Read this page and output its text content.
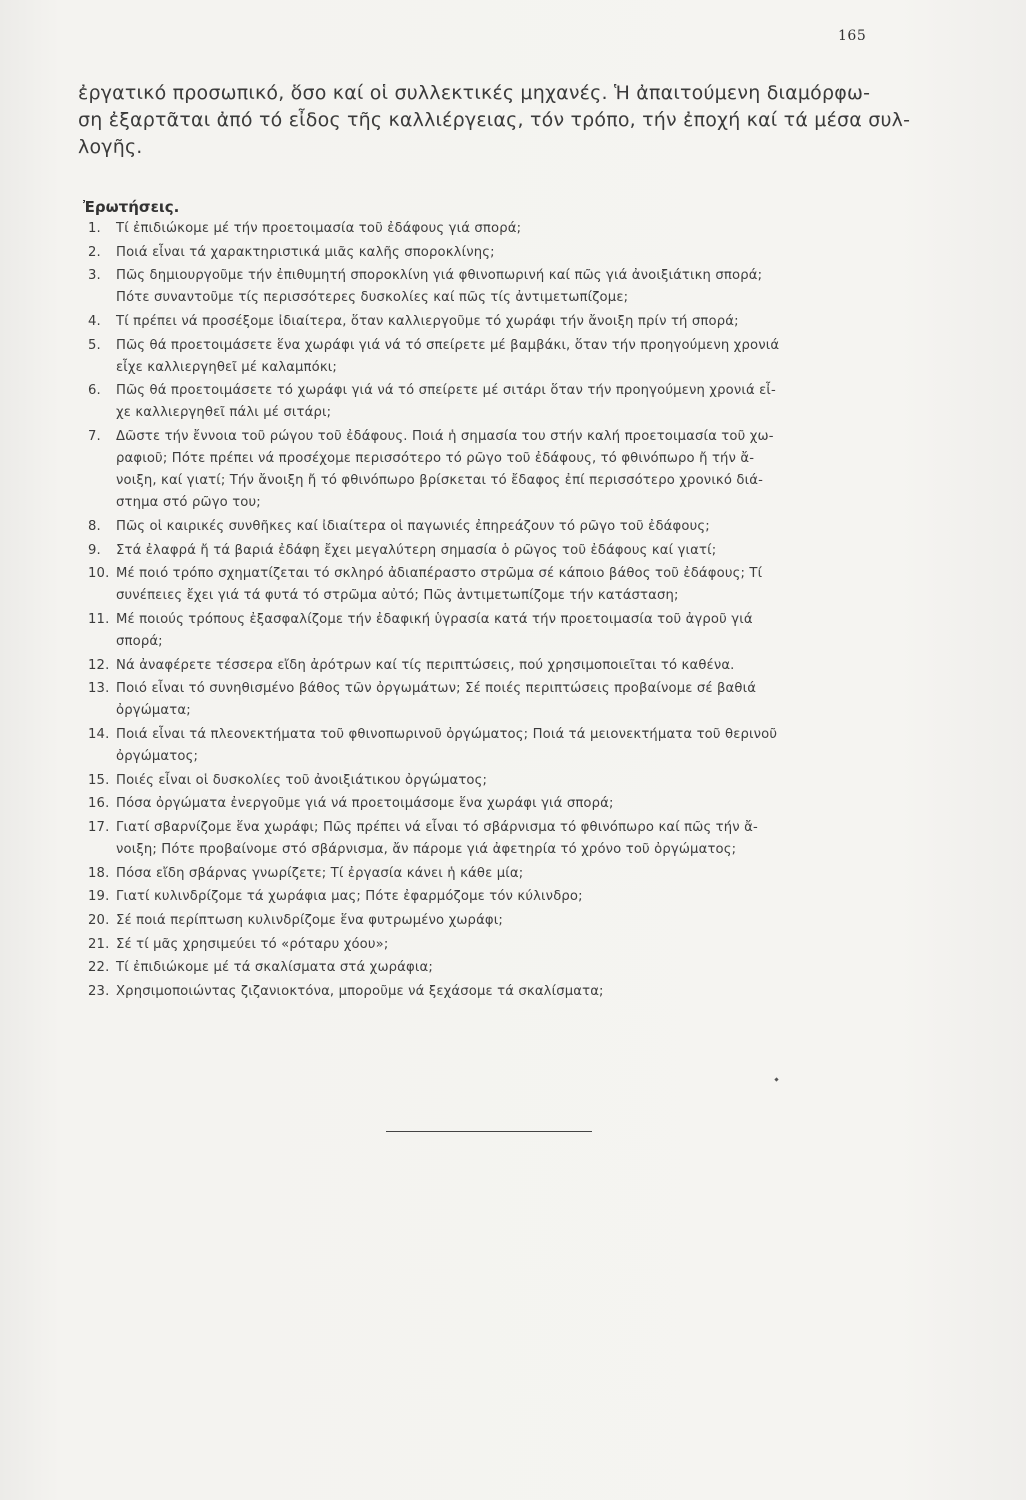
165
ἐργατικό προσωπικό, ὅσο καί οἱ συλλεκτικές μηχανές. Ἡ ἀπαιτούμενη διαμόρφω-
ση ἐξαρτᾶται ἀπό τό εἶδος τῆς καλλιέργειας, τόν τρόπο, τήν ἐποχή καί τά μέσα συλ-
λογῆς.
Ἐρωτήσεις.
1.	Τί ἐπιδιώκομε μέ τήν προετοιμασία τοῦ ἐδάφους γιά σπορά;
2.	Ποιά εἶναι τά χαρακτηριστικά μιᾶς καλῆς σποροκλίνης;
3.	Πῶς δημιουργοῦμε τήν ἐπιθυμητή σποροκλίνη γιά φθινοπωρινή καί πῶς γιά ἀνοιξιάτικη σπορά;
Πότε συναντοῦμε τίς περισσότερες δυσκολίες καί πῶς τίς ἀντιμετωπίζομε;
4.	Τί πρέπει νά προσέξομε ἰδιαίτερα, ὅταν καλλιεργοῦμε τό χωράφι τήν ἄνοιξη πρίν τή σπορά;
5.	Πῶς θά προετοιμάσετε ἕνα χωράφι γιά νά τό σπείρετε μέ βαμβάκι, ὅταν τήν προηγούμενη χρονιά
εἶχε καλλιεργηθεῖ μέ καλαμπόκι;
6.	Πῶς θά προετοιμάσετε τό χωράφι γιά νά τό σπείρετε μέ σιτάρι ὅταν τήν προηγούμενη χρονιά εἶ-
χε καλλιεργηθεῖ πάλι μέ σιτάρι;
7.	Δῶστε τήν ἔννοια τοῦ ρώγου τοῦ ἐδάφους. Ποιά ἡ σημασία του στήν καλή προετοιμασία τοῦ χω-
ραφιοῦ; Πότε πρέπει νά προσέχομε περισσότερο τό ρῶγο τοῦ ἐδάφους, τό φθινόπωρο ἤ τήν ἄ-
νοιξη, καί γιατί; Τήν ἄνοιξη ἤ τό φθινόπωρο βρίσκεται τό ἔδαφος ἐπί περισσότερο χρονικό διά-
στημα στό ρῶγο του;
8.	Πῶς οἱ καιρικές συνθῆκες καί ἰδιαίτερα οἱ παγωνιές ἐπηρεάζουν τό ρῶγο τοῦ ἐδάφους;
9.	Στά ἐλαφρά ἤ τά βαριά ἐδάφη ἔχει μεγαλύτερη σημασία ὁ ρῶγος τοῦ ἐδάφους καί γιατί;
10. Μέ ποιό τρόπο σχηματίζεται τό σκληρό ἀδιαπέραστο στρῶμα σέ κάποιο βάθος τοῦ ἐδάφους; Τί
συνέπειες ἔχει γιά τά φυτά τό στρῶμα αὐτό; Πῶς ἀντιμετωπίζομε τήν κατάσταση;
11. Μέ ποιούς τρόπους ἐξασφαλίζομε τήν ἐδαφική ὑγρασία κατά τήν προετοιμασία τοῦ ἀγροῦ γιά
σπορά;
12. Νά ἀναφέρετε τέσσερα εἴδη ἀρότρων καί τίς περιπτώσεις, πού χρησιμοποιεῖται τό καθένα.
13. Ποιό εἶναι τό συνηθισμένο βάθος τῶν ὀργωμάτων; Σέ ποιές περιπτώσεις προβαίνομε σέ βαθιά
ὀργώματα;
14. Ποιά εἶναι τά πλεονεκτήματα τοῦ φθινοπωρινοῦ ὀργώματος; Ποιά τά μειονεκτήματα τοῦ θερινοῦ
ὀργώματος;
15. Ποιές εἶναι οἱ δυσκολίες τοῦ ἀνοιξιάτικου ὀργώματος;
16. Πόσα ὀργώματα ἐνεργοῦμε γιά νά προετοιμάσομε ἕνα χωράφι γιά σπορά;
17. Γιατί σβαρνίζομε ἕνα χωράφι; Πῶς πρέπει νά εἶναι τό σβάρνισμα τό φθινόπωρο καί πῶς τήν ἄ-
νοιξη; Πότε προβαίνομε στό σβάρνισμα, ἄν πάρομε γιά ἀφετηρία τό χρόνο τοῦ ὀργώματος;
18. Πόσα εἴδη σβάρνας γνωρίζετε; Τί ἐργασία κάνει ἡ κάθε μία;
19. Γιατί κυλινδρίζομε τά χωράφια μας; Πότε ἐφαρμόζομε τόν κύλινδρο;
20. Σέ ποιά περίπτωση κυλινδρίζομε ἕνα φυτρωμένο χωράφι;
21. Σέ τί μᾶς χρησιμεύει τό «ρόταρυ χόου»;
22. Τί ἐπιδιώκομε μέ τά σκαλίσματα στά χωράφια;
23. Χρησιμοποιώντας ζιζανιοκτόνα, μποροῦμε νά ξεχάσομε τά σκαλίσματα;
